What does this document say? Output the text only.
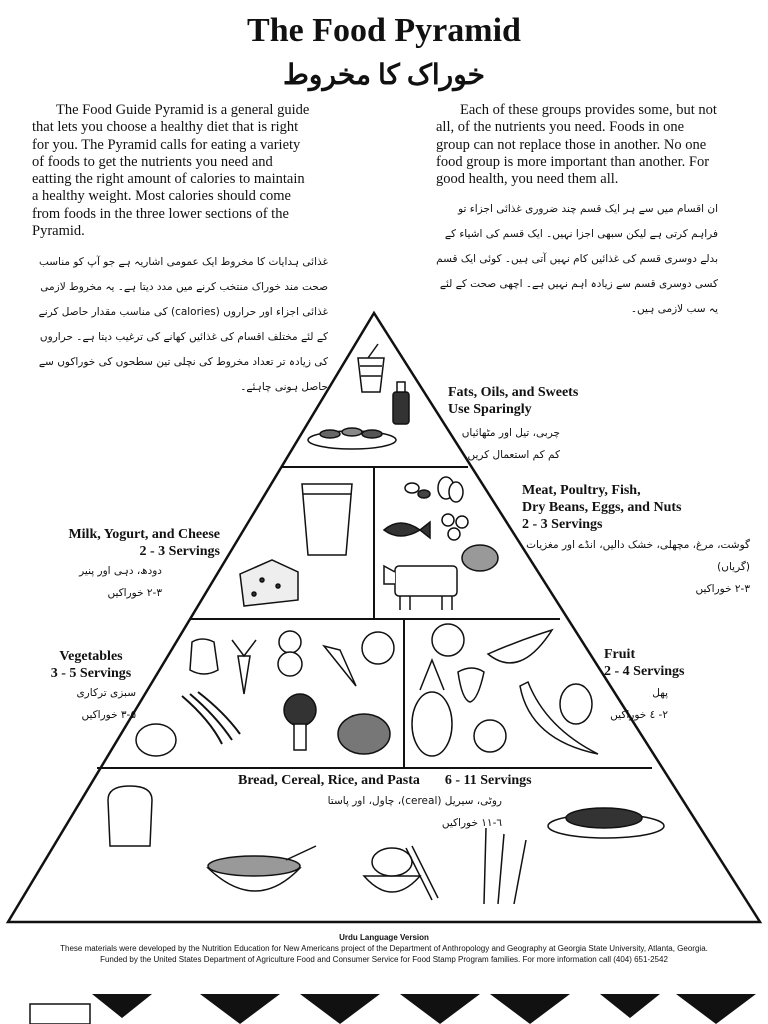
The Food Pyramid
خوراک کا مخروط
The Food Guide Pyramid is a general guide that lets you choose a healthy diet that is right for you. The Pyramid calls for eating a variety of foods to get the nutrients you need and eatting the right amount of calories to maintain a healthy weight. Most calories should come from foods in the three lower sections of the Pyramid.
Each of these groups provides some, but not all, of the nutrients you need. Foods in one group can not replace those in another. No one food group is more important than another. For good health, you need them all.
غذائی ہدایات کا مخروط ایک عمومی اشاریہ ہے جو آپ کو مناسب صحت مند خوراک منتخب کرنے میں مدد دیتا ہے۔ یہ مخروط لازمی غذائی اجزاء اور حراروں (calories) کی مناسب مقدار حاصل کرنے کے لئے مختلف اقسام کی غذائیں کھانے کی ترغیب دیتا ہے۔ حراروں کی زیادہ تر تعداد مخروط کی نچلی تین سطحوں کی خوراکوں سے حاصل ہونی چاہئے۔
ان اقسام میں سے ہر ایک قسم چند ضروری غذائی اجزاء تو فراہم کرتی ہے لیکن سبھی اجزا نہیں۔ ایک قسم کی اشیاء کے بدلے دوسری قسم کی غذائیں کام نہیں آتی ہیں۔ کوئی ایک قسم کسی دوسری قسم سے زیادہ اہم نہیں ہے۔ اچھی صحت کے لئے یہ سب لازمی ہیں۔
Fats, Oils, and Sweets
Use Sparingly
چربی، تیل اور مٹھائیاں
کم کم استعمال کریں
Meat, Poultry, Fish,
Dry Beans, Eggs, and Nuts
2 - 3 Servings
گوشت، مرغ، مچھلی، خشک دالیں، انڈے اور مغزیات
(گریاں)
۲-۳ خوراکیں
Milk, Yogurt, and Cheese
2 - 3 Servings
دودھ، دہی اور پنیر
۲-۳ خوراکیں
Vegetables
3 - 5 Servings
سبزی ترکاری
۳-۵ خوراکیں
Fruit
2 - 4 Servings
پھل
۲- ٤ خوراکیں
Bread, Cereal, Rice, and Pasta 6 - 11 Servings
روٹی، سیریل (cereal)، چاول، اور پاستا
٦-١١ خوراکیں
Urdu Language Version
These materials were developed by the Nutrition Education for New Americans project of the Department of Anthropology and Geography at Georgia State University, Atlanta, Georgia.
Funded by the United States Department of Agriculture Food and Consumer Service for Food Stamp Program families. For more information call (404) 651-2542
